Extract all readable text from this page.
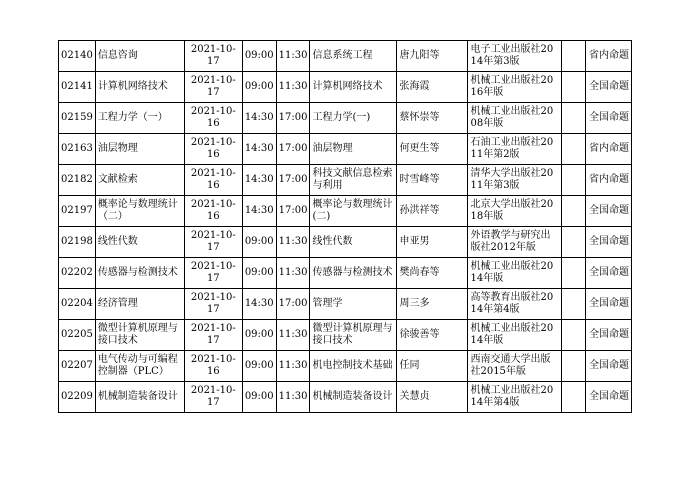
02140	信息咨询	2021-10-17	09:00	11:30	信息系统工程	唐九阳等	电子工业出版社2014年第3版		省内命题
02141	计算机网络技术	2021-10-17	09:00	11:30	计算机网络技术	张海霞	机械工业出版社2016年版		全国命题
02159	工程力学（一）	2021-10-16	14:30	17:00	工程力学(一)	蔡怀崇等	机械工业出版社2008年版		全国命题
02163	油层物理	2021-10-16	14:30	17:00	油层物理	何更生等	石油工业出版社2011年第2版		省内命题
02182	文献检索	2021-10-16	14:30	17:00	科技文献信息检索与利用	时雪峰等	清华大学出版社2011年第3版		省内命题
02197	概率论与数理统计（二）	2021-10-16	14:30	17:00	概率论与数理统计(二)	孙洪祥等	北京大学出版社2018年版		全国命题
02198	线性代数	2021-10-17	09:00	11:30	线性代数	申亚男	外语教学与研究出版社2012年版		全国命题
02202	传感器与检测技术	2021-10-17	09:00	11:30	传感器与检测技术	樊尚春等	机械工业出版社2014年版		全国命题
02204	经济管理	2021-10-17	14:30	17:00	管理学	周三多	高等教育出版社2014年第4版		全国命题
02205	微型计算机原理与接口技术	2021-10-17	09:00	11:30	微型计算机原理与接口技术	徐骏善等	机械工业出版社2014年版		全国命题
02207	电气传动与可编程控制器（PLC）	2021-10-16	09:00	11:30	机电控制技术基础	任同	西南交通大学出版社2015年版		全国命题
02209	机械制造装备设计	2021-10-17	09:00	11:30	机械制造装备设计	关慧贞	机械工业出版社2014年第4版		全国命题
